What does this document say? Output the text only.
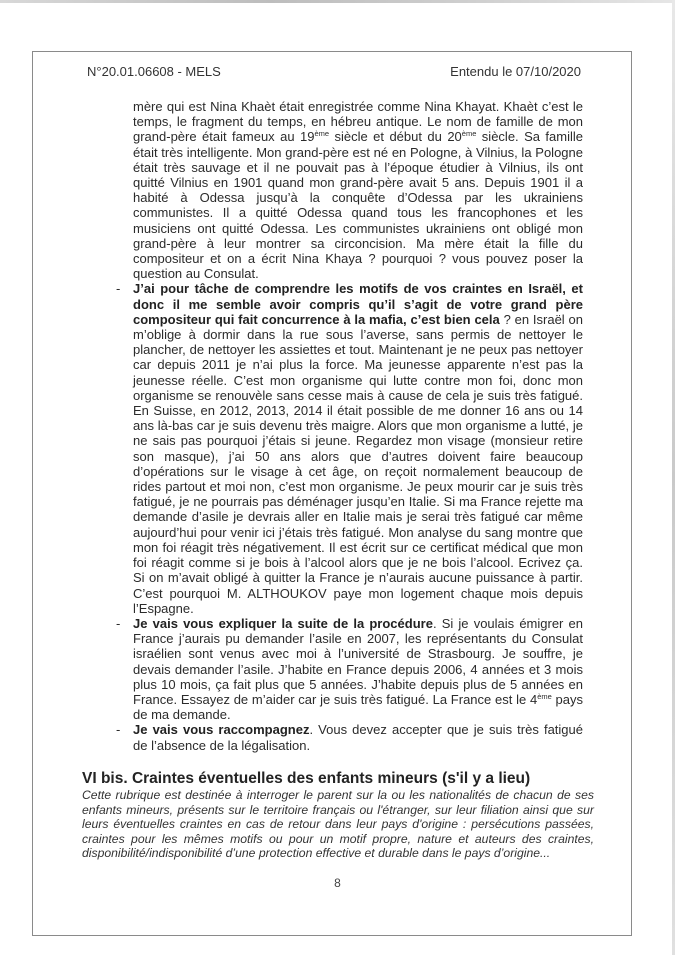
N°20.01.06608 - MELS	Entendu le 07/10/2020

mère qui est Nina Khaèt était enregistrée comme Nina Khayat. Khaèt c’est le temps, le fragment du temps, en hébreu antique. Le nom de famille de mon grand-père était fameux au 19ème siècle et début du 20ème siècle. Sa famille était très intelligente. Mon grand-père est né en Pologne, à Vilnius, la Pologne était très sauvage et il ne pouvait pas à l’époque étudier à Vilnius, ils ont quitté Vilnius en 1901 quand mon grand-père avait 5 ans. Depuis 1901 il a habité à Odessa jusqu’à la conquête d’Odessa par les ukrainiens communistes. Il a quitté Odessa quand tous les francophones et les musiciens ont quitté Odessa. Les communistes ukrainiens ont obligé mon grand-père à leur montrer sa circoncision. Ma mère était la fille du compositeur et on a écrit Nina Khaya ? pourquoi ? vous pouvez poser la question au Consulat.

- J’ai pour tâche de comprendre les motifs de vos craintes en Israël, et donc il me semble avoir compris qu’il s’agit de votre grand père compositeur qui fait concurrence à la mafia, c’est bien cela ? en Israël on m’oblige à dormir dans la rue sous l’averse, sans permis de nettoyer le plancher, de nettoyer les assiettes et tout. Maintenant je ne peux pas nettoyer car depuis 2011 je n’ai plus la force. Ma jeunesse apparente n’est pas la jeunesse réelle. C’est mon organisme qui lutte contre mon foi, donc mon organisme se renouvèle sans cesse mais à cause de cela je suis très fatigué. En Suisse, en 2012, 2013, 2014 il était possible de me donner 16 ans ou 14 ans là-bas car je suis devenu très maigre. Alors que mon organisme a lutté, je ne sais pas pourquoi j’étais si jeune. Regardez mon visage (monsieur retire son masque), j’ai 50 ans alors que d’autres doivent faire beaucoup d’opérations sur le visage à cet âge, on reçoit normalement beaucoup de rides partout et moi non, c’est mon organisme. Je peux mourir car je suis très fatigué, je ne pourrais pas déménager jusqu’en Italie. Si ma France rejette ma demande d’asile je devrais aller en Italie mais je serai très fatigué car même aujourd’hui pour venir ici j’étais très fatigué. Mon analyse du sang montre que mon foi réagit très négativement. Il est écrit sur ce certificat médical que mon foi réagit comme si je bois à l’alcool alors que je ne bois l’alcool. Ecrivez ça. Si on m’avait obligé à quitter la France je n’aurais aucune puissance à partir. C’est pourquoi M. ALTHOUKOV paye mon logement chaque mois depuis l’Espagne.

- Je vais vous expliquer la suite de la procédure. Si je voulais émigrer en France j’aurais pu demander l’asile en 2007, les représentants du Consulat israélien sont venus avec moi à l’université de Strasbourg. Je souffre, je devais demander l’asile. J’habite en France depuis 2006, 4 années et 3 mois plus 10 mois, ça fait plus que 5 années. J’habite depuis plus de 5 années en France. Essayez de m’aider car je suis très fatigué. La France est le 4ème pays de ma demande.

- Je vais vous raccompagnez. Vous devez accepter que je suis très fatigué de l’absence de la légalisation.

VI bis. Craintes éventuelles des enfants mineurs (s'il y a lieu)

Cette rubrique est destinée à interroger le parent sur la ou les nationalités de chacun de ses enfants mineurs, présents sur le territoire français ou l'étranger, sur leur filiation ainsi que sur leurs éventuelles craintes en cas de retour dans leur pays d'origine : persécutions passées, craintes pour les mêmes motifs ou pour un motif propre, nature et auteurs des craintes, disponibilité/indisponibilité d’une protection effective et durable dans le pays d’origine...

8
